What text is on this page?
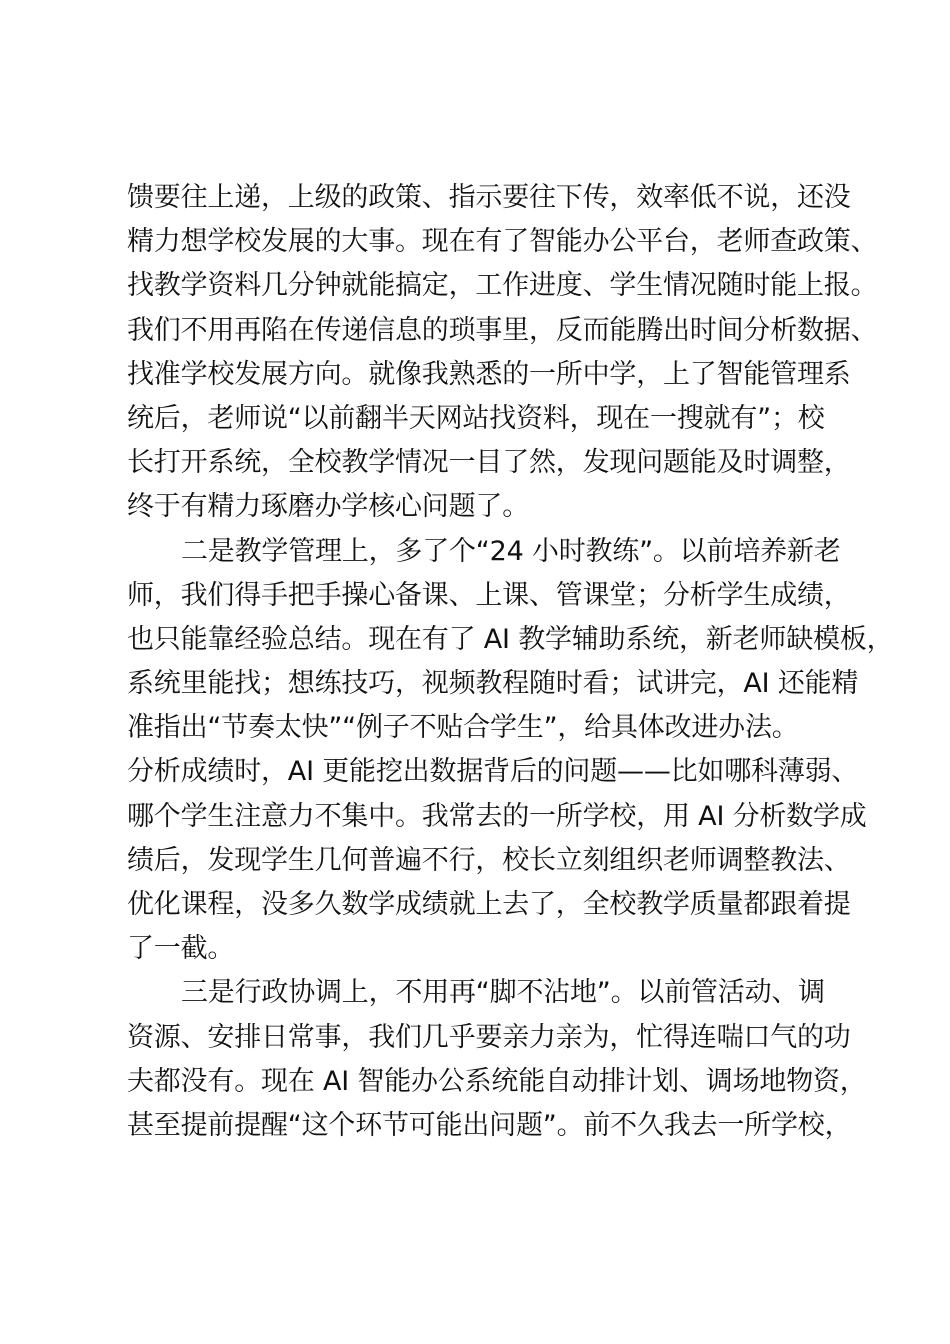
馈要往上递，上级的政策、指示要往下传，效率低不说，还没
精力想学校发展的大事。现在有了智能办公平台，老师查政策、
找教学资料几分钟就能搞定，工作进度、学生情况随时能上报。
我们不用再陷在传递信息的琐事里，反而能腾出时间分析数据、
找准学校发展方向。就像我熟悉的一所中学，上了智能管理系
统后，老师说“以前翻半天网站找资料，现在一搜就有”；校
长打开系统，全校教学情况一目了然，发现问题能及时调整，
终于有精力琢磨办学核心问题了。
二是教学管理上，多了个“24 小时教练”。以前培养新老
师，我们得手把手操心备课、上课、管课堂；分析学生成绩，
也只能靠经验总结。现在有了 AI 教学辅助系统，新老师缺模板，
系统里能找；想练技巧，视频教程随时看；试讲完，AI 还能精
准指出“节奏太快”“例子不贴合学生”，给具体改进办法。
分析成绩时，AI 更能挖出数据背后的问题——比如哪科薄弱、
哪个学生注意力不集中。我常去的一所学校，用 AI 分析数学成
绩后，发现学生几何普遍不行，校长立刻组织老师调整教法、
优化课程，没多久数学成绩就上去了，全校教学质量都跟着提
了一截。
三是行政协调上，不用再“脚不沾地”。以前管活动、调
资源、安排日常事，我们几乎要亲力亲为，忙得连喘口气的功
夫都没有。现在 AI 智能办公系统能自动排计划、调场地物资，
甚至提前提醒“这个环节可能出问题”。前不久我去一所学校，
